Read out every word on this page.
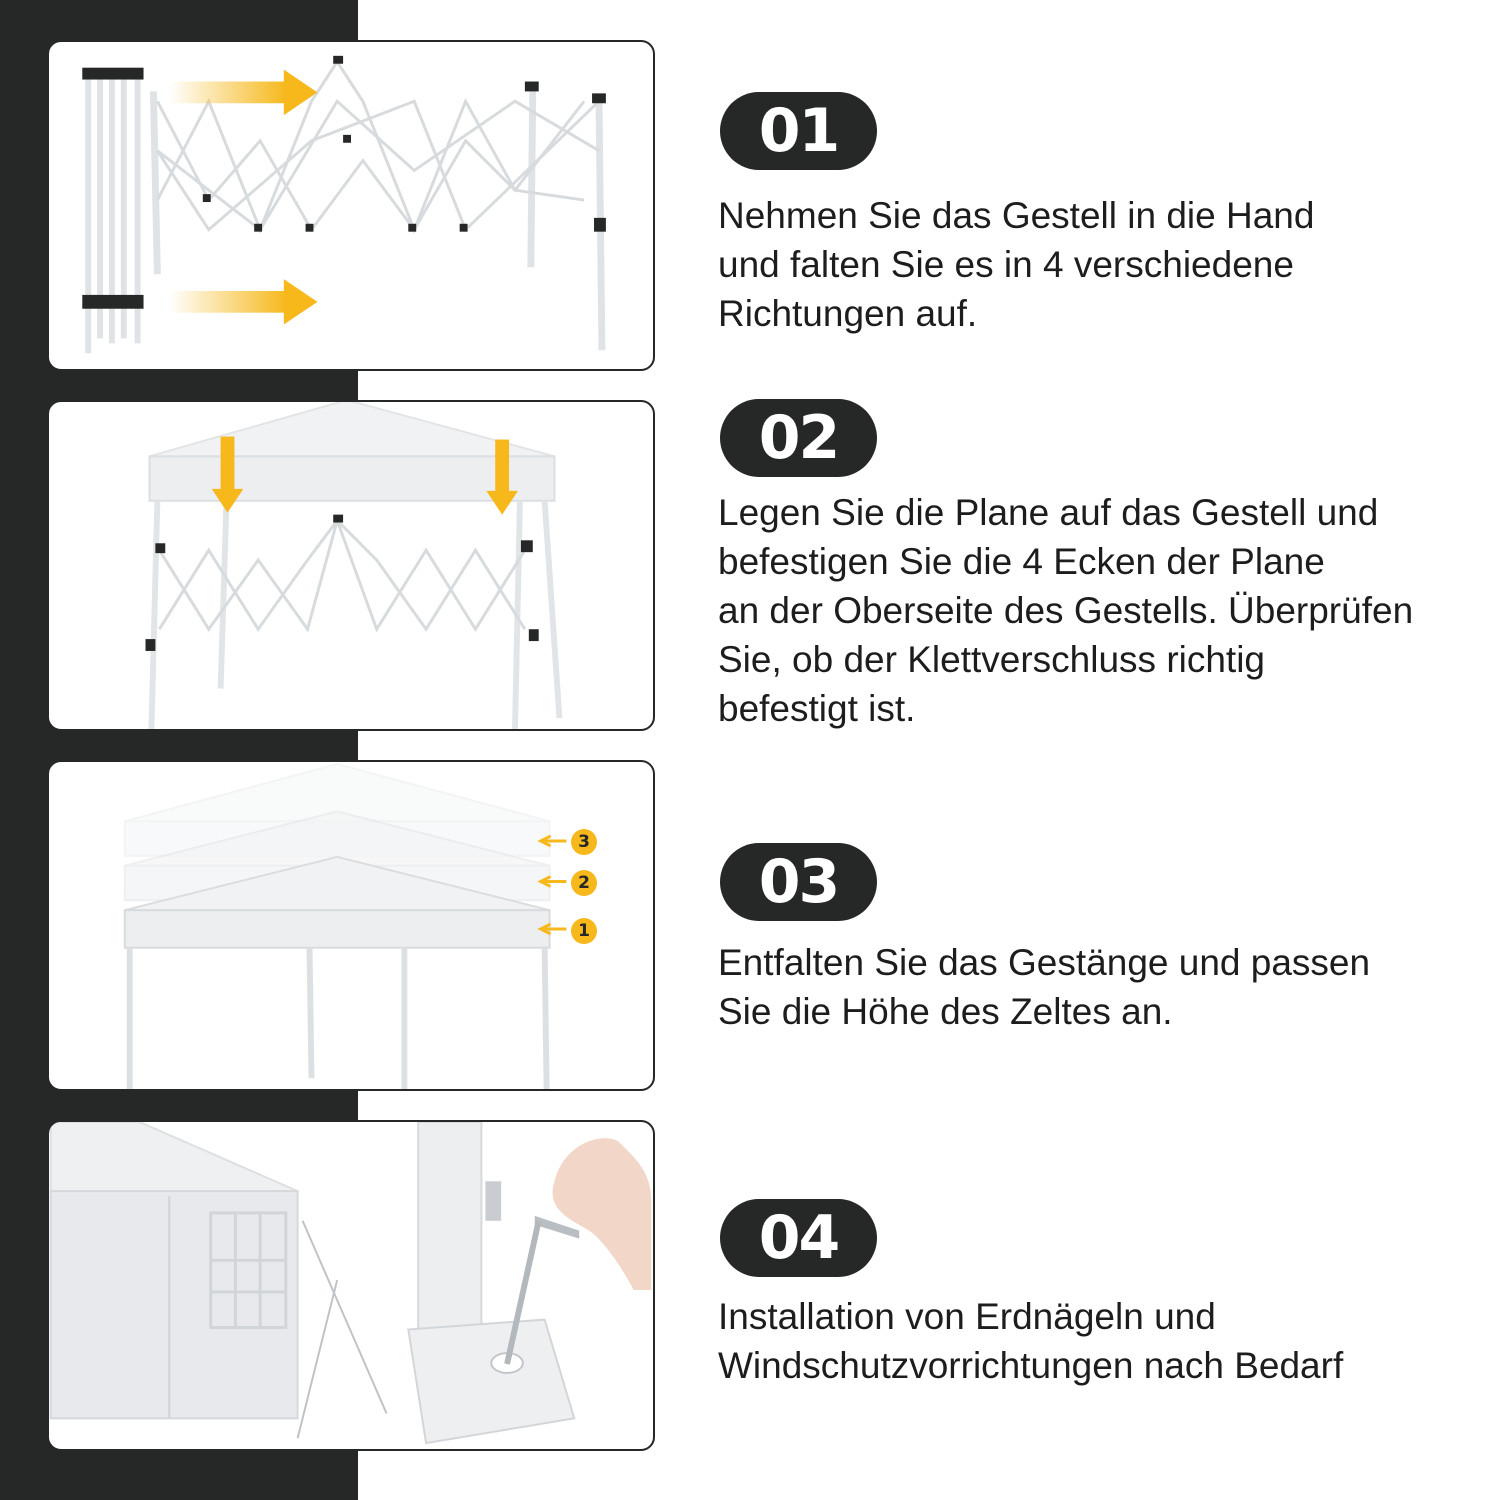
01
Nehmen Sie das Gestell in die Hand
und falten Sie es in 4 verschiedene
Richtungen auf.
02
Legen Sie die Plane auf das Gestell und
befestigen Sie die 4 Ecken der Plane
an der Oberseite des Gestells. Überprüfen
Sie, ob der Klettverschluss richtig
befestigt ist.
3
2
1
03
Entfalten Sie das Gestänge und passen
Sie die Höhe des Zeltes an.
04
Installation von Erdnägeln und
Windschutzvorrichtungen nach Bedarf
